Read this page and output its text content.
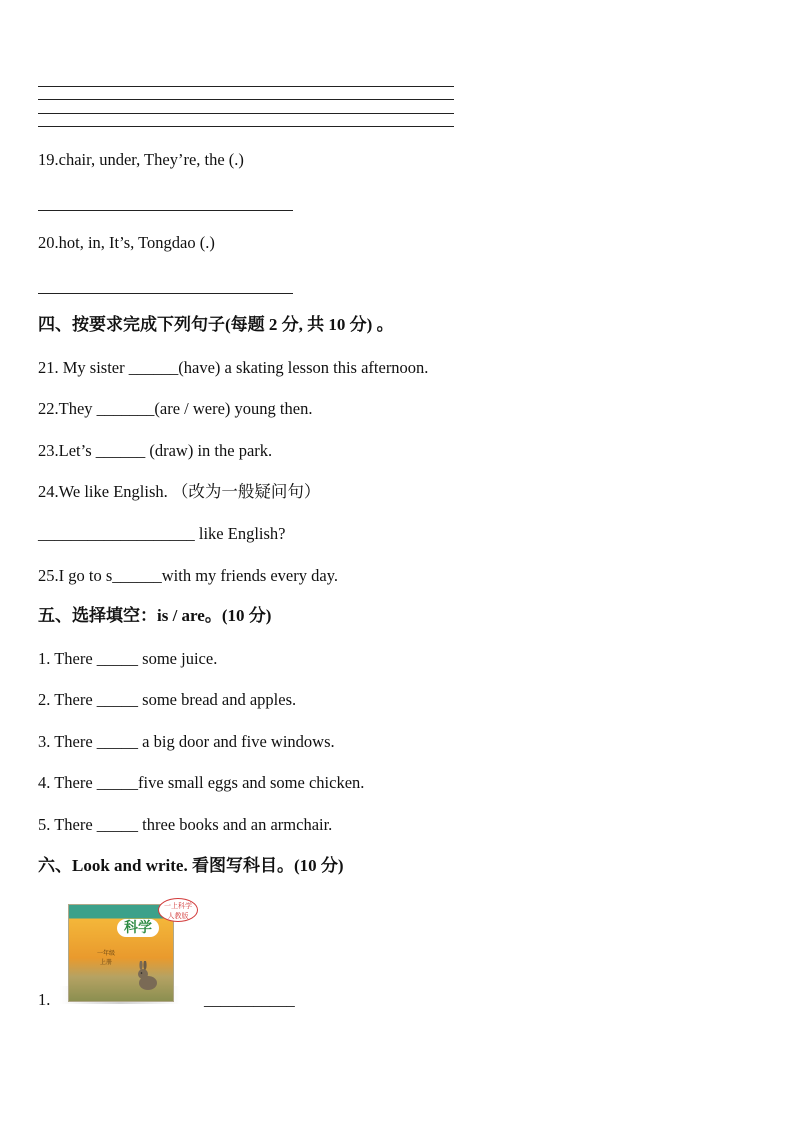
19.chair, under, They’re, the (.)
20.hot, in, It’s, Tongdao (.)
四、按要求完成下列句子(每题 2 分, 共 10 分) 。
21. My sister ______(have) a skating lesson this afternoon.
22.They _______(are / were) young then.
23.Let’s ______ (draw) in the park.
24.We like English. （改为一般疑问句）
___________________ like English?
25.I go to s______with my friends every day.
五、选择填空：is / are。(10 分)
1. There _____ some juice.
2. There _____ some bread and apples.
3. There _____ a big door and five windows.
4. There _____five small eggs and some chicken.
5. There _____ three books and an armchair.
六、Look and write. 看图写科目。(10 分)
科学
一年级
上册
一上科学
人教版
1.	___________
